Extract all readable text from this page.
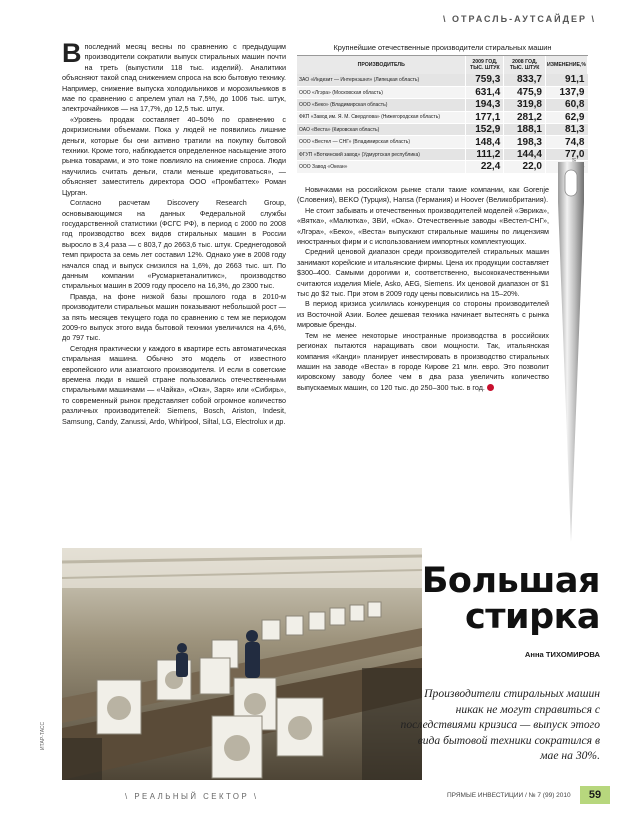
\ ОТРАСЛЬ-АУТСАЙДЕР \

Впоследний месяц весны по сравнению с предыдущим производители сократили выпуск стиральных машин почти на треть (выпустили 118 тыс. изделий). Аналитики объясняют такой спад снижением спроса на всю бытовую технику. Например, снижение выпуска холодильников и морозильников в мае по сравнению с апрелем упал на 7,5%, до 1006 тыс. штук, электрочайников — на 17,7%, до 12,5 тыс. штук.

«Уровень продаж составляет 40–50% по сравнению с докризисными объемами. Пока у людей не появились лишние деньги, которые бы они активно тратили на покупку бытовой техники. Кроме того, наблюдается определенное насыщение этого рынка товарами, и это тоже повлияло на снижение спроса. Люди научились считать деньги, стали меньше кредитоваться», — объясняет заместитель директора ООО «Промбаттех» Роман Цурган.

Согласно расчетам Discovery Research Group, основывающимся на данных Федеральной службы государственной статистики (ФСГС РФ), в период с 2000 по 2008 год производство всех видов стиральных машин в России выросло в 3,4 раза — с 803,7 до 2663,6 тыс. штук. Среднегодовой темп прироста за семь лет составил 12%. Однако уже в 2008 году начался спад и выпуск снизился на 1,6%, до 2663 тыс. шт. По данным компании «Русмаркетаналитикс», производство стиральных машин в 2009 году просело на 16,3%, до 2300 тыс.

Правда, на фоне низкой базы прошлого года в 2010-м производители стиральных машин показывают небольшой рост — за пять месяцев текущего года по сравнению с тем же периодом 2009-го выпуск этого вида бытовой техники увеличился на 4,6%, до 797 тыс.

Сегодня практически у каждого в квартире есть автоматическая стиральная машина. Обычно это модель от известного европейского или азиатского производителя. И если в советские времена люди в нашей стране пользовались отечественными стиральными машинами — «Чайка», «Ока», Заря» или «Сибирь», то современный рынок представляет собой огромное количество различных производителей: Siemens, Bosch, Ariston, Indesit, Samsung, Candy, Zanussi, Ardo, Whirlpool, Siltal, LG, Electrolux и др.

Крупнейшие отечественные производители стиральных машин
ПРОИЗВОДИТЕЛЬ	2009 ГОД, ТЫС. ШТУК	2008 ГОД, ТЫС. ШТУК	ИЗМЕНЕНИЕ,%
ЗАО «Индезит — Интернэшнл» (Липецкая область)	759,3	833,7	91,1
ООО «Лгэра» (Московская область)	631,4	475,9	137,9
ООО «Беко» (Владимирская область)	194,3	319,8	60,8
ФКП «Завод им. Я. М. Свердлова» (Нижегородская область)	177,1	281,2	62,9
ОАО «Веста» (Кировская область)	152,9	188,1	81,3
ООО «Вестел — СНГ» (Владимирская область)	148,4	198,3	74,8
ФГУП «Воткинский завод» (Удмуртская республика)	111,2	144,4	77,0
ООО Завод «Океан»	22,4	22,0	

Новичками на российском рынке стали такие компании, как Gorenje (Словения), BEKO (Турция), Hansa (Германия) и Hoover (Великобритания).

Не стоит забывать и отечественных производителей моделей «Эврика», «Вятка», «Малютка», ЗВИ, «Ока». Отечественные заводы «Вестел-СНГ», «Лгэра», «Беко», «Веста» выпускают стиральные машины по лицензиям иностранных фирм и с использованием импортных комплектующих.

Средний ценовой диапазон среди производителей стиральных машин занимают корейские и итальянские фирмы. Цена их продукции составляет $300–400. Самыми дорогими и, соответственно, высококачественными считаются изделия Miele, Asko, AEG, Siemens. Их ценовой диапазон от $1 тыс до $2 тыс. При этом в 2009 году цены повысились на 15–20%.

В период кризиса усилилась конкуренция со стороны производителей из Восточной Азии. Более дешевая техника начинает вытеснять с рынка мировые бренды.

Тем не менее некоторые иностранные производства в российских регионах пытаются наращивать свои мощности. Так, итальянская компания «Канди» планирует инвестировать в производство стиральных машин на заводе «Веста» в городе Кирове 21 млн. евро. Это позволит кировскому заводу более чем в два раза увеличить количество выпускаемых машин, со 120 тыс. до 250–300 тыс. в год.

ИТАР-ТАСС
Большая
стирка
Анна ТИХОМИРОВА
Производители стиральных машин никак не могут справиться с последствиями кризиса — выпуск этого вида бытовой техники сократился в мае на 30%.
\ РЕАЛЬНЫЙ СЕКТОР \	ПРЯМЫЕ ИНВЕСТИЦИИ / № 7 (99) 2010	59
